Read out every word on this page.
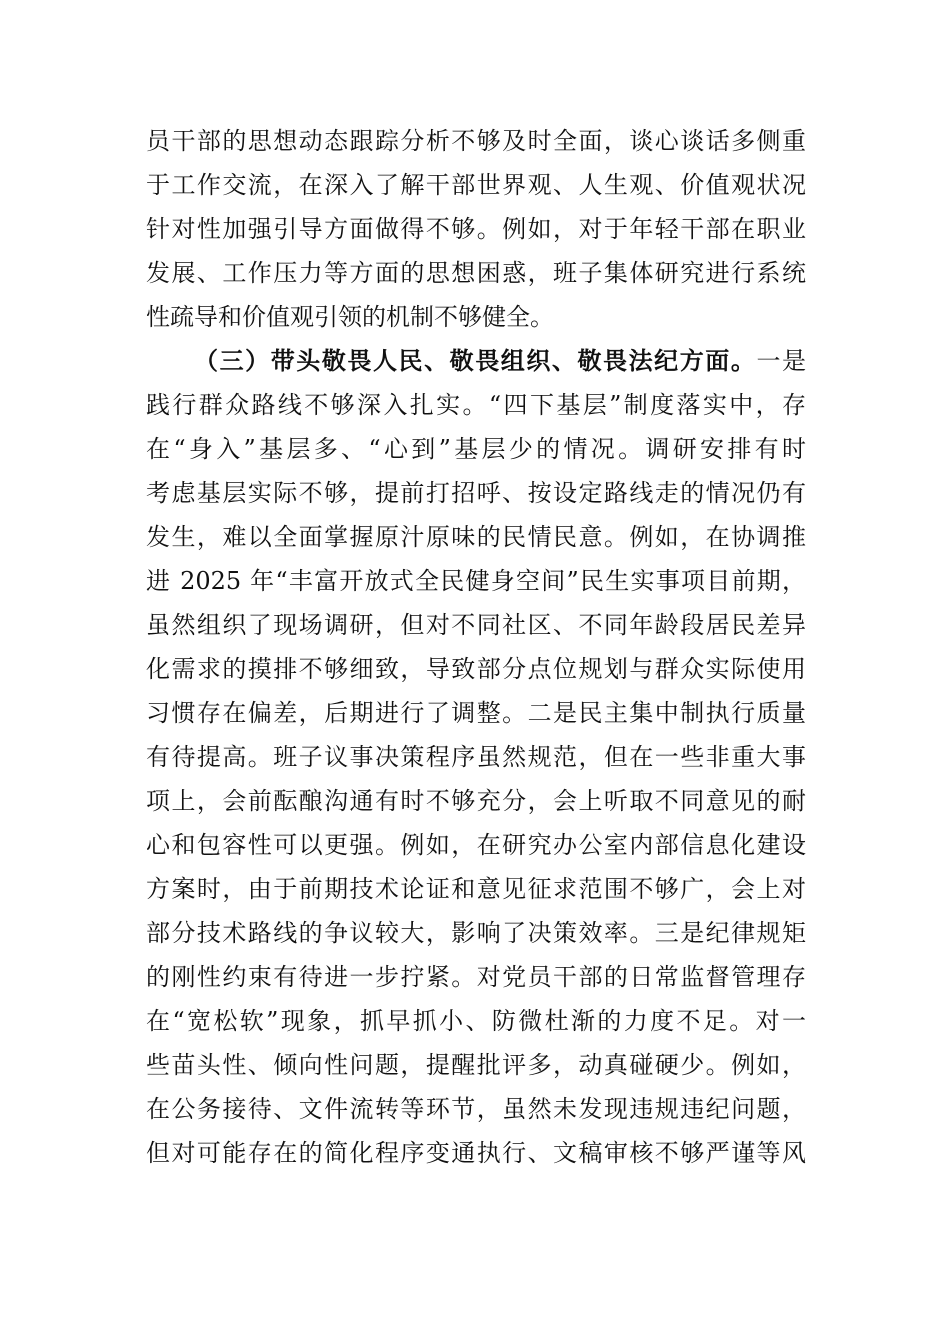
员干部的思想动态跟踪分析不够及时全面，谈心谈话多侧重
于工作交流，在深入了解干部世界观、人生观、价值观状况
针对性加强引导方面做得不够。例如，对于年轻干部在职业
发展、工作压力等方面的思想困惑，班子集体研究进行系统
性疏导和价值观引领的机制不够健全。
（三）带头敬畏人民、敬畏组织、敬畏法纪方面。一是
践行群众路线不够深入扎实。“四下基层”制度落实中，存
在“身入”基层多、“心到”基层少的情况。调研安排有时
考虑基层实际不够，提前打招呼、按设定路线走的情况仍有
发生，难以全面掌握原汁原味的民情民意。例如，在协调推
进 2025 年“丰富开放式全民健身空间”民生实事项目前期，
虽然组织了现场调研，但对不同社区、不同年龄段居民差异
化需求的摸排不够细致，导致部分点位规划与群众实际使用
习惯存在偏差，后期进行了调整。二是民主集中制执行质量
有待提高。班子议事决策程序虽然规范，但在一些非重大事
项上，会前酝酿沟通有时不够充分，会上听取不同意见的耐
心和包容性可以更强。例如，在研究办公室内部信息化建设
方案时，由于前期技术论证和意见征求范围不够广，会上对
部分技术路线的争议较大，影响了决策效率。三是纪律规矩
的刚性约束有待进一步拧紧。对党员干部的日常监督管理存
在“宽松软”现象，抓早抓小、防微杜渐的力度不足。对一
些苗头性、倾向性问题，提醒批评多，动真碰硬少。例如，
在公务接待、文件流转等环节，虽然未发现违规违纪问题，
但对可能存在的简化程序变通执行、文稿审核不够严谨等风
